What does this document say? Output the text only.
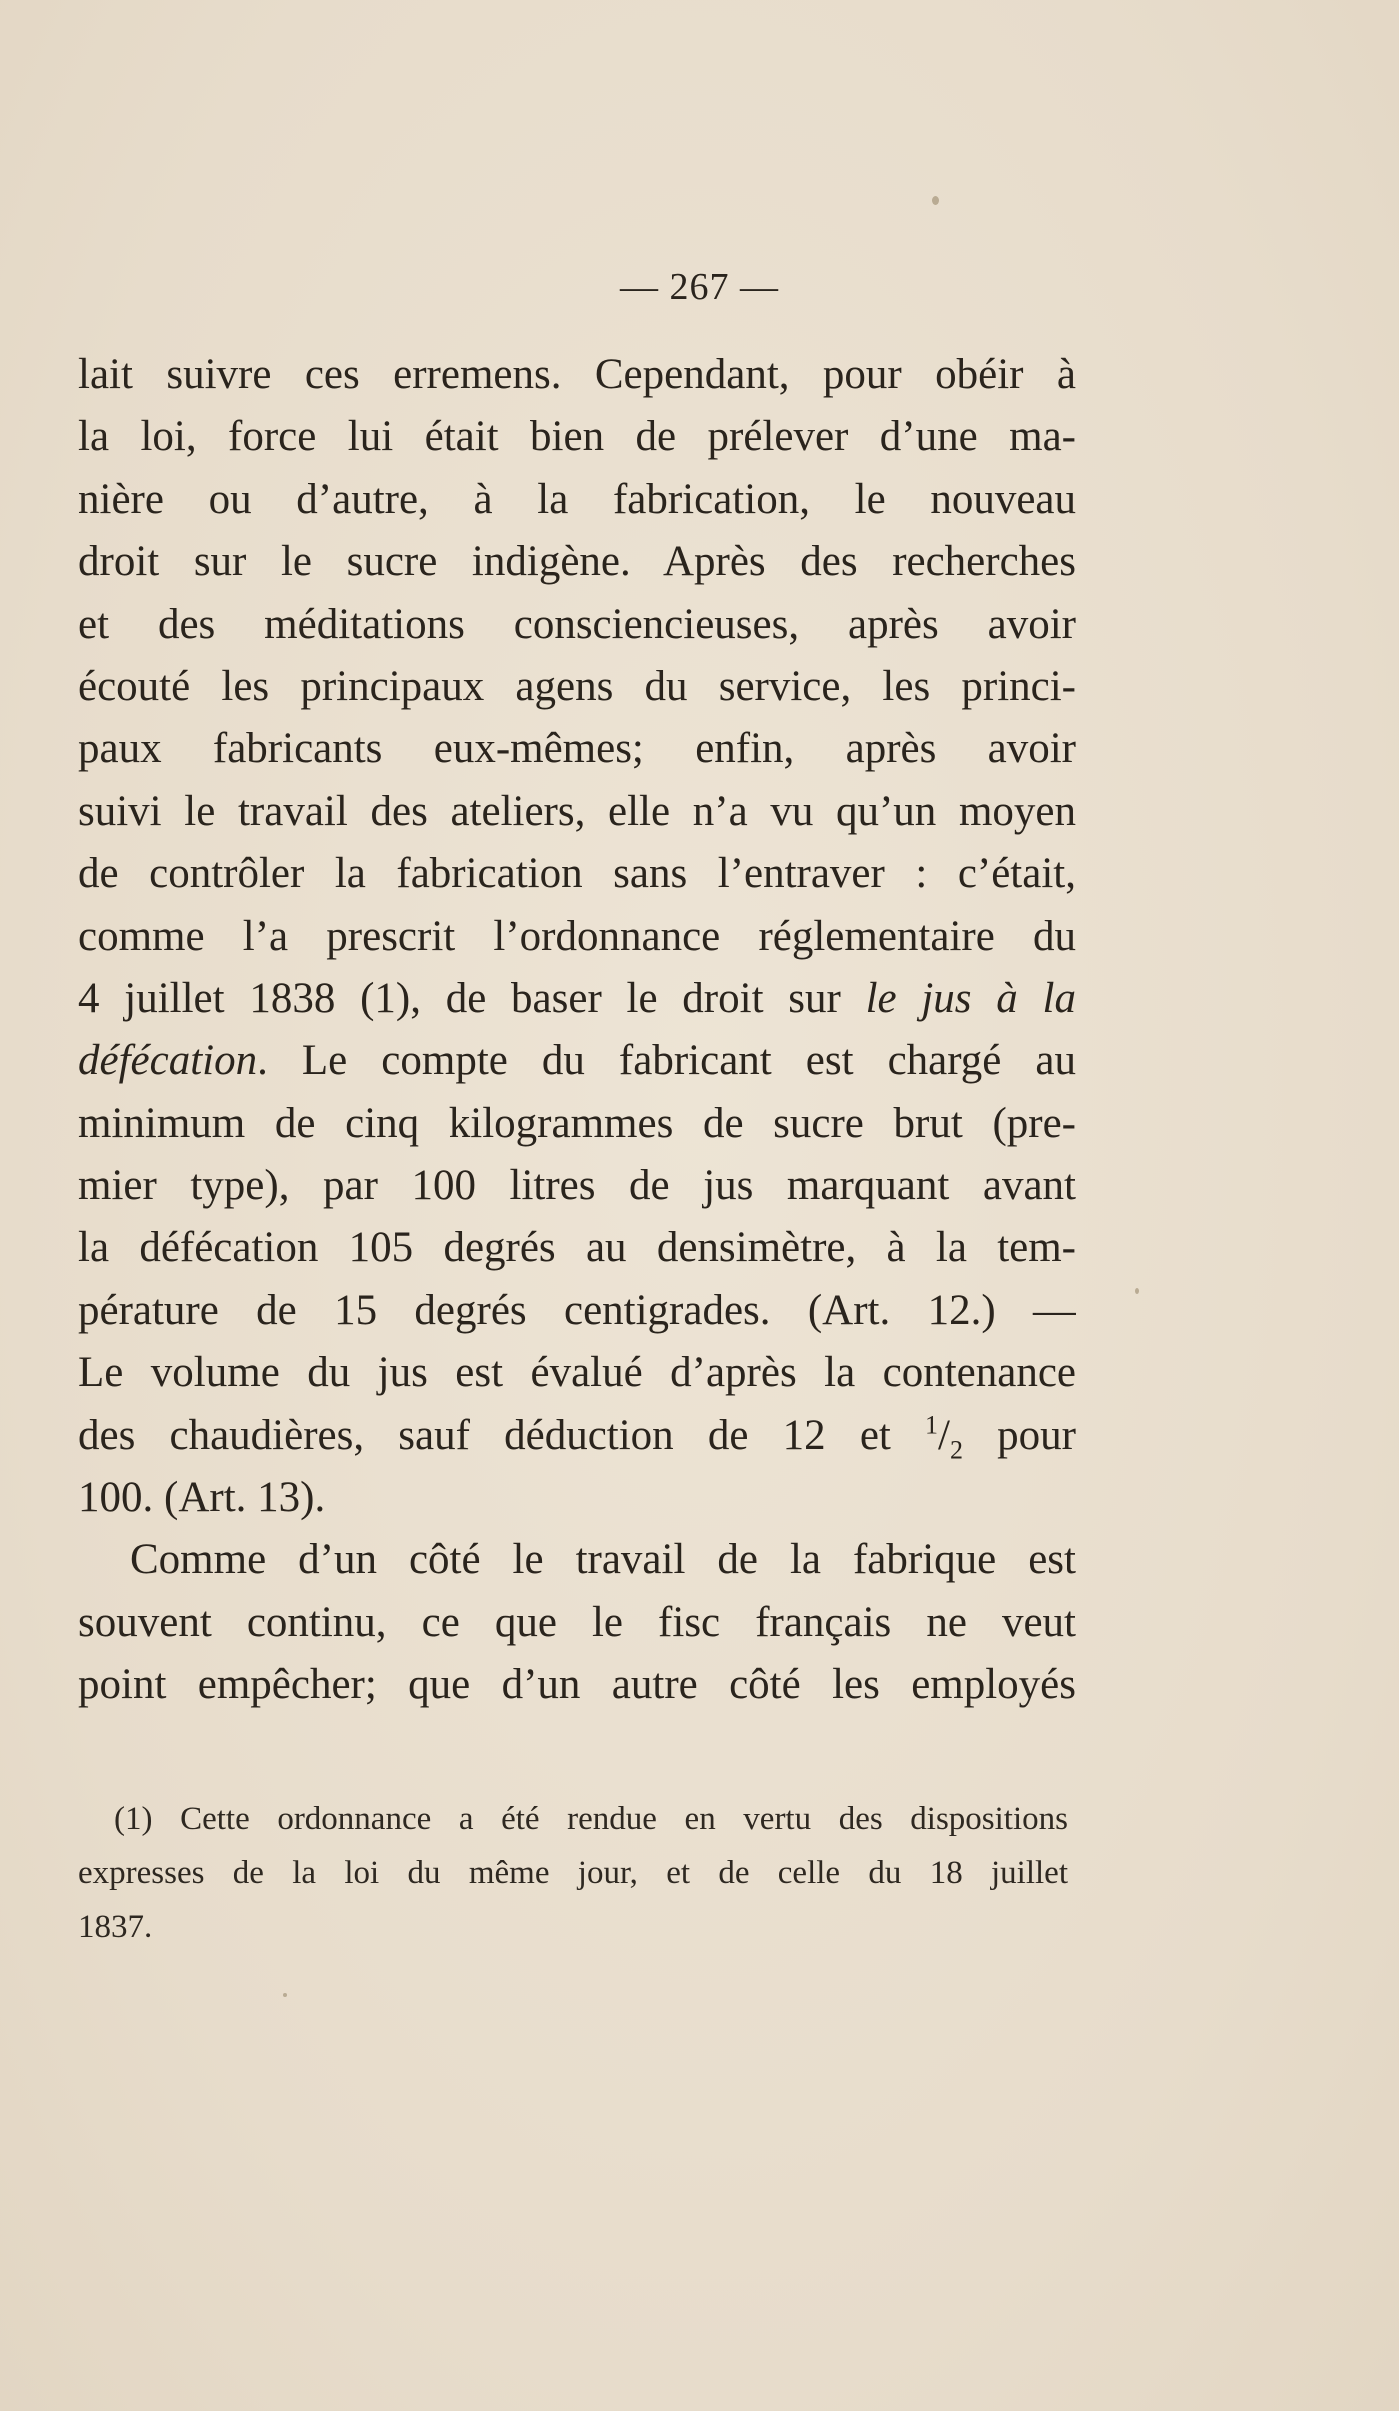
— 267 —
lait suivre ces erremens. Cependant, pour obéir à
la loi, force lui était bien de prélever d’une ma-
nière ou d’autre, à la fabrication, le nouveau
droit sur le sucre indigène. Après des recherches
et des méditations consciencieuses, après avoir
écouté les principaux agens du service, les princi-
paux fabricants eux-mêmes; enfin, après avoir
suivi le travail des ateliers, elle n’a vu qu’un moyen
de contrôler la fabrication sans l’entraver : c’était,
comme l’a prescrit l’ordonnance réglementaire du
4 juillet 1838 (1), de baser le droit sur le jus à la
défécation. Le compte du fabricant est chargé au
minimum de cinq kilogrammes de sucre brut (pre-
mier type), par 100 litres de jus marquant avant
la défécation 105 degrés au densimètre, à la tem-
pérature de 15 degrés centigrades. (Art. 12.) —
Le volume du jus est évalué d’après la contenance
des chaudières, sauf déduction de 12 et $^1/_2$ pour
100. (Art. 13).
Comme d’un côté le travail de la fabrique est
souvent continu, ce que le fisc français ne veut
point empêcher; que d’un autre côté les employés
(1) Cette ordonnance a été rendue en vertu des dispositions
expresses de la loi du même jour, et de celle du 18 juillet
1837.
